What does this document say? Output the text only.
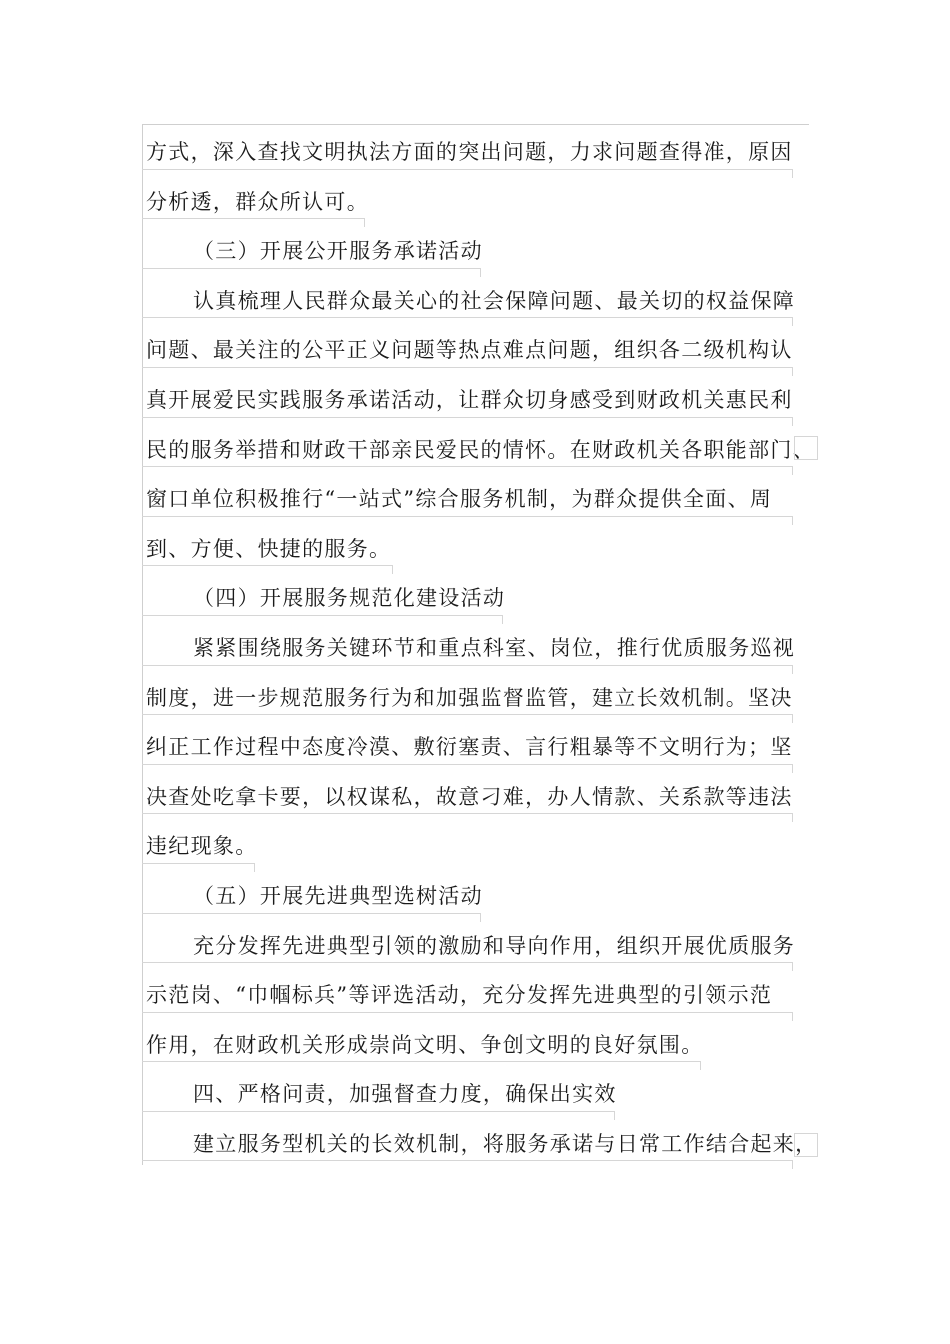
方式，深入查找文明执法方面的突出问题，力求问题查得准，原因
分析透，群众所认可。
（三）开展公开服务承诺活动
认真梳理人民群众最关心的社会保障问题、最关切的权益保障
问题、最关注的公平正义问题等热点难点问题，组织各二级机构认
真开展爱民实践服务承诺活动，让群众切身感受到财政机关惠民利
民的服务举措和财政干部亲民爱民的情怀。在财政机关各职能部门、
窗口单位积极推行“一站式”综合服务机制，为群众提供全面、周
到、方便、快捷的服务。
（四）开展服务规范化建设活动
紧紧围绕服务关键环节和重点科室、岗位，推行优质服务巡视
制度，进一步规范服务行为和加强监督监管，建立长效机制。坚决
纠正工作过程中态度冷漠、敷衍塞责、言行粗暴等不文明行为；坚
决查处吃拿卡要，以权谋私，故意刁难，办人情款、关系款等违法
违纪现象。
（五）开展先进典型选树活动
充分发挥先进典型引领的激励和导向作用，组织开展优质服务
示范岗、“巾帼标兵”等评选活动，充分发挥先进典型的引领示范
作用，在财政机关形成崇尚文明、争创文明的良好氛围。
四、严格问责，加强督查力度，确保出实效
建立服务型机关的长效机制，将服务承诺与日常工作结合起来，
